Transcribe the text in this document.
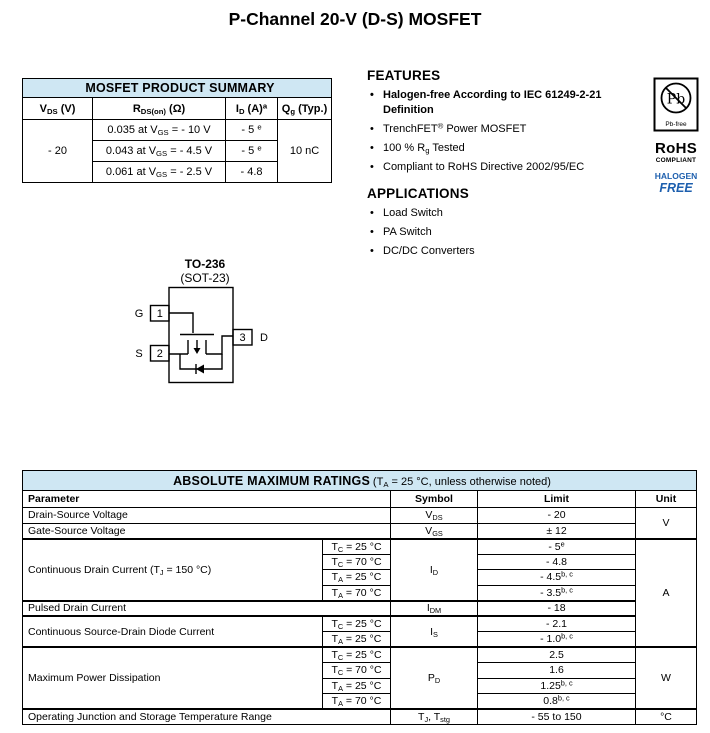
P-Channel 20-V (D-S) MOSFET
MOSFET PRODUCT SUMMARY			
$V_{DS}$ (V)	$R_{DS(on)}$ (Ω)	$I_D$ $(A)^a$	$Q_g$ (Typ.)
- 20	0.035 at $V_{GS}$ = - 10 V	- 5 $^e$	10 nC
	0.043 at $V_{GS}$ = - 4.5 V	- 5 $^e$
	0.061 at $V_{GS}$ = - 2.5 V	- 4.8	
FEATURES
• Halogen-free According to IEC 61249-2-21 Definition
• TrenchFET® Power MOSFET
• 100 % $R_g$ Tested
• Compliant to RoHS Directive 2002/95/EC
APPLICATIONS
• Load Switch
• PA Switch
• DC/DC Converters
Pb
Pb-free
RoHS
COMPLIANT
HALOGEN
FREE
TO-236
(SOT-23)
G
S
D
1
2
3
ABSOLUTE MAXIMUM RATINGS ($T_A = 25$ °C, unless otherwise noted)				
Parameter		Symbol	Limit	Unit
Drain-Source Voltage		$V_{DS}$	- 20	V
Gate-Source Voltage		$V_{GS}$	± 12	
Continuous Drain Current ($T_J = 150$ °C)	$T_C = 25$ °C	$I_D$	- 5e	A
	$T_C = 70$ °C		- 4.8	
	$T_A = 25$ °C		- 4.5$^{b, c}$
	$T_A = 70$ °C		- 3.5$^{b, c}$
Pulsed Drain Current		$I_{DM}$	- 18	
Continuous Source-Drain Diode Current	$T_C = 25$ °C	$I_S$	- 2.1	
	$T_A = 25$ °C		- 1.0$^{b, c}$
Maximum Power Dissipation	$T_C = 25$ °C	$P_D$	2.5	W
	$T_C = 70$ °C		1.6	
	$T_A = 25$ °C		1.25$^{b, c}$
	$T_A = 70$ °C		0.8$^{b, c}$
Operating Junction and Storage Temperature Range		$T_J$, $T_{stg}$	- 55 to 150	°C
